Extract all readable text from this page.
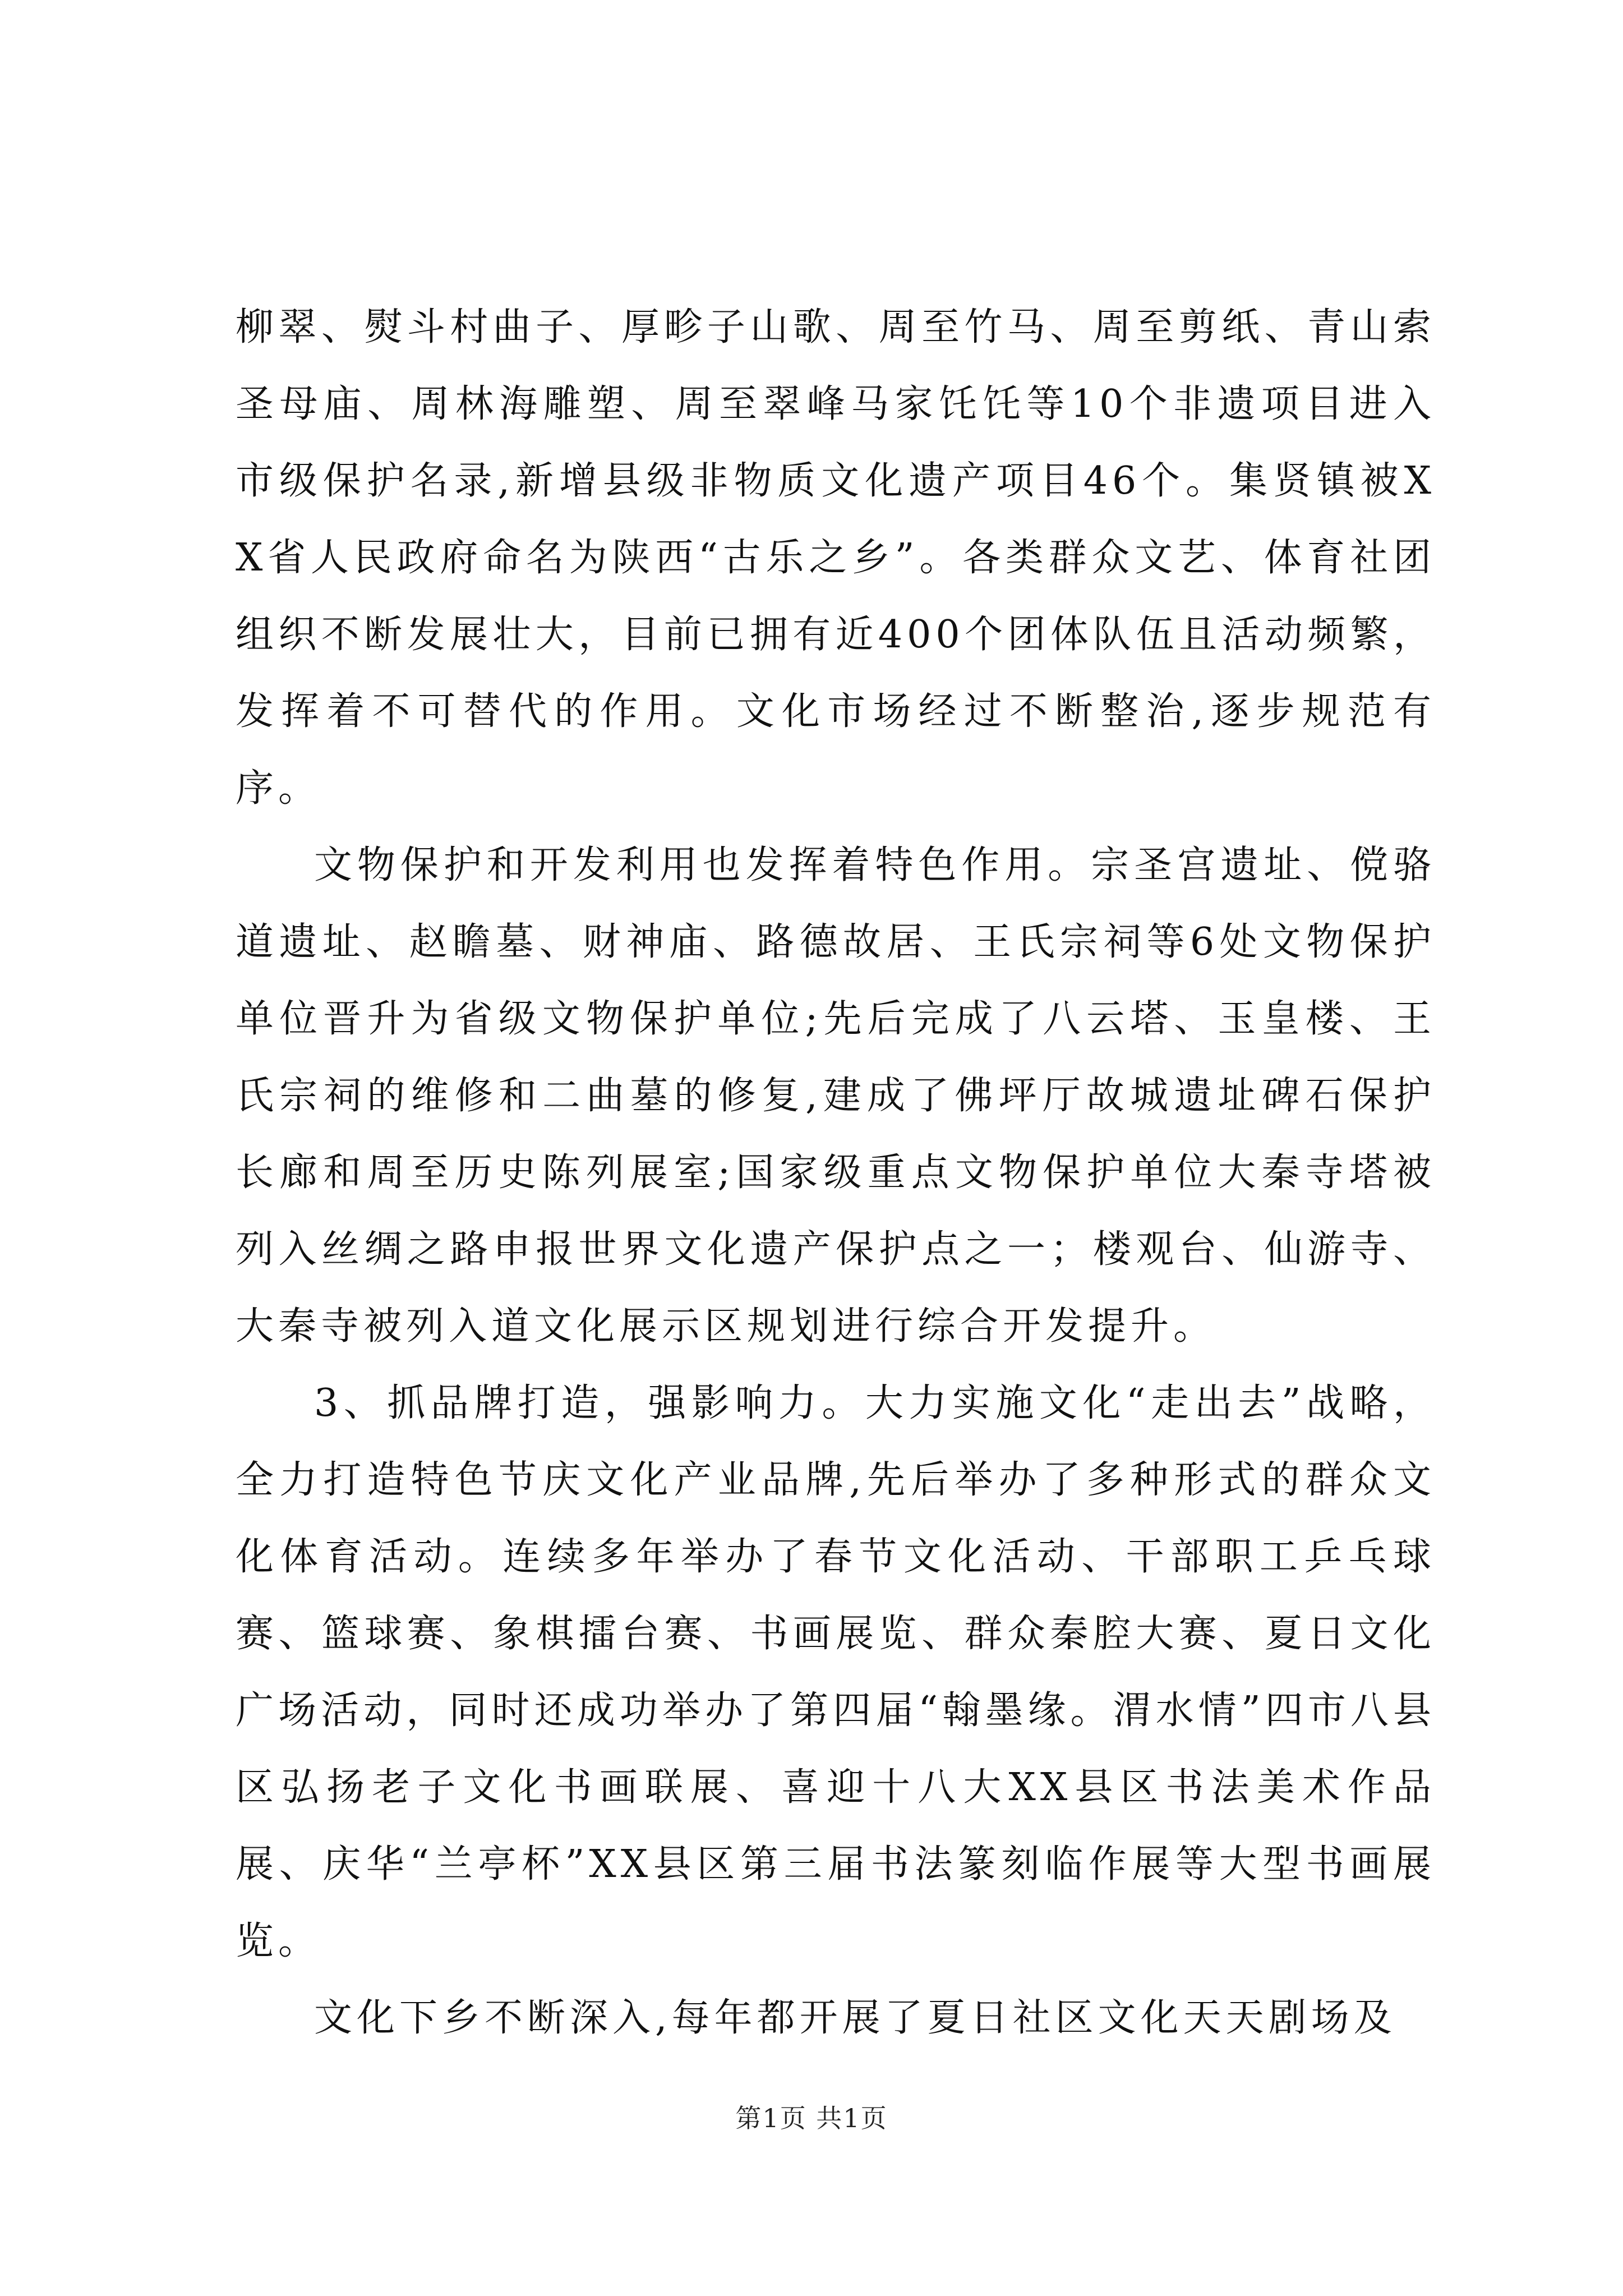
柳翠、熨斗村曲子、厚畛子山歌、周至竹马、周至剪纸、青山索圣母庙、周林海雕塑、周至翠峰马家饦饦等10个非遗项目进入市级保护名录,新增县级非物质文化遗产项目46个。集贤镇被XX省人民政府命名为陕西“古乐之乡”。各类群众文艺、体育社团组织不断发展壮大，目前已拥有近400个团体队伍且活动频繁，发挥着不可替代的作用。文化市场经过不断整治,逐步规范有序。

文物保护和开发利用也发挥着特色作用。宗圣宫遗址、傥骆道遗址、赵瞻墓、财神庙、路德故居、王氏宗祠等6处文物保护单位晋升为省级文物保护单位;先后完成了八云塔、玉皇楼、王氏宗祠的维修和二曲墓的修复,建成了佛坪厅故城遗址碑石保护长廊和周至历史陈列展室;国家级重点文物保护单位大秦寺塔被列入丝绸之路申报世界文化遗产保护点之一；楼观台、仙游寺、大秦寺被列入道文化展示区规划进行综合开发提升。

3、抓品牌打造，强影响力。大力实施文化“走出去”战略，全力打造特色节庆文化产业品牌,先后举办了多种形式的群众文化体育活动。连续多年举办了春节文化活动、干部职工乒乓球赛、篮球赛、象棋擂台赛、书画展览、群众秦腔大赛、夏日文化广场活动，同时还成功举办了第四届“翰墨缘。渭水情”四市八县区弘扬老子文化书画联展、喜迎十八大XX县区书法美术作品展、庆华“兰亭杯”XX县区第三届书法篆刻临作展等大型书画展览。

文化下乡不断深入,每年都开展了夏日社区文化天天剧场及

第1页 共1页
